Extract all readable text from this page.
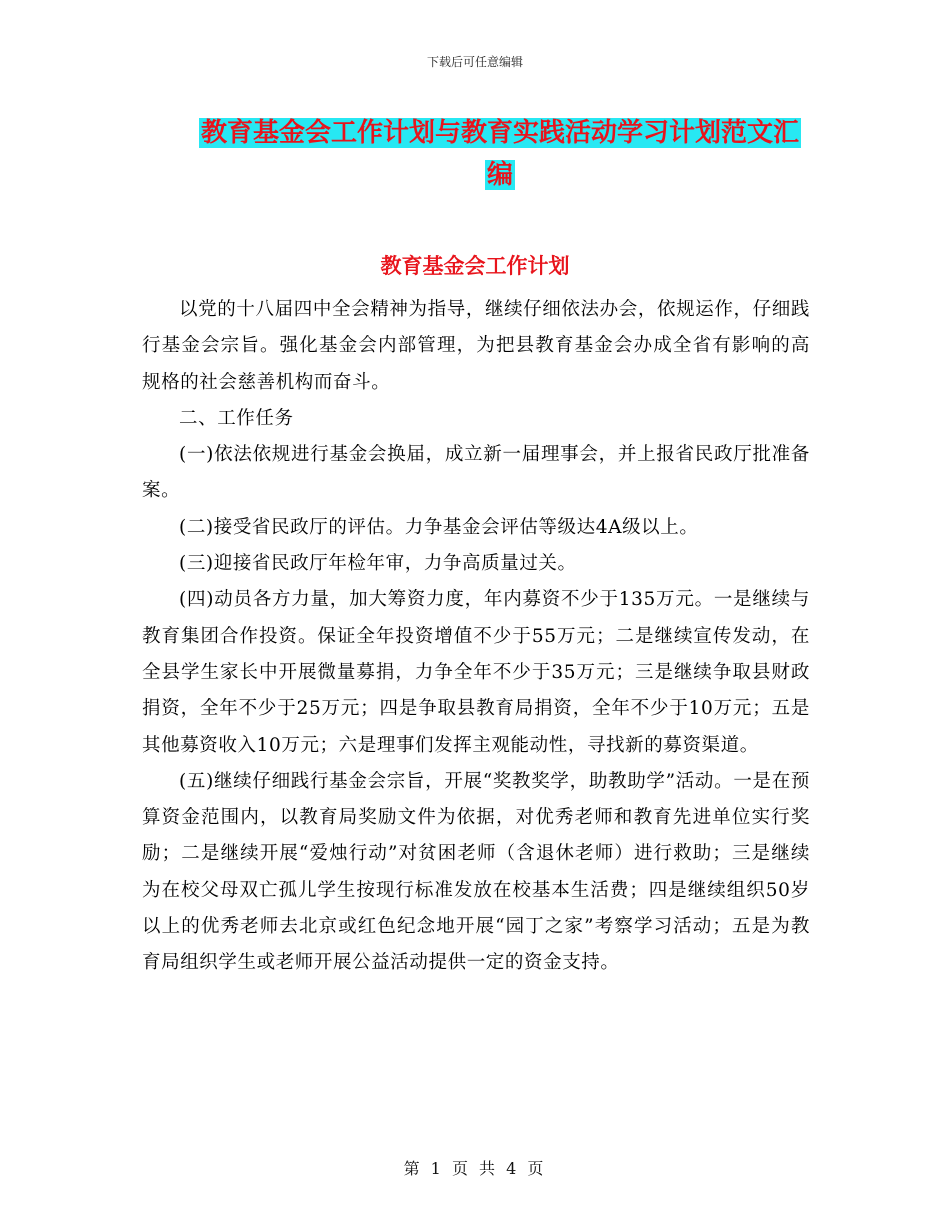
下载后可任意编辑
教育基金会工作计划与教育实践活动学习计划范文汇
编
教育基金会工作计划

以党的十八届四中全会精神为指导，继续仔细依法办会，依规运作，仔细践行基金会宗旨。强化基金会内部管理，为把县教育基金会办成全省有影响的高规格的社会慈善机构而奋斗。

二、工作任务

(一)依法依规进行基金会换届，成立新一届理事会，并上报省民政厅批准备案。

(二)接受省民政厅的评估。力争基金会评估等级达4A级以上。

(三)迎接省民政厅年检年审，力争高质量过关。

(四)动员各方力量，加大筹资力度，年内募资不少于135万元。一是继续与教育集团合作投资。保证全年投资增值不少于55万元；二是继续宣传发动，在全县学生家长中开展微量募捐，力争全年不少于35万元；三是继续争取县财政捐资，全年不少于25万元；四是争取县教育局捐资，全年不少于10万元；五是其他募资收入10万元；六是理事们发挥主观能动性，寻找新的募资渠道。

(五)继续仔细践行基金会宗旨，开展“奖教奖学，助教助学”活动。一是在预算资金范围内，以教育局奖励文件为依据，对优秀老师和教育先进单位实行奖励；二是继续开展“爱烛行动”对贫困老师（含退休老师）进行救助；三是继续为在校父母双亡孤儿学生按现行标准发放在校基本生活费；四是继续组织50岁以上的优秀老师去北京或红色纪念地开展“园丁之家”考察学习活动；五是为教育局组织学生或老师开展公益活动提供一定的资金支持。

第 1 页 共 4 页
